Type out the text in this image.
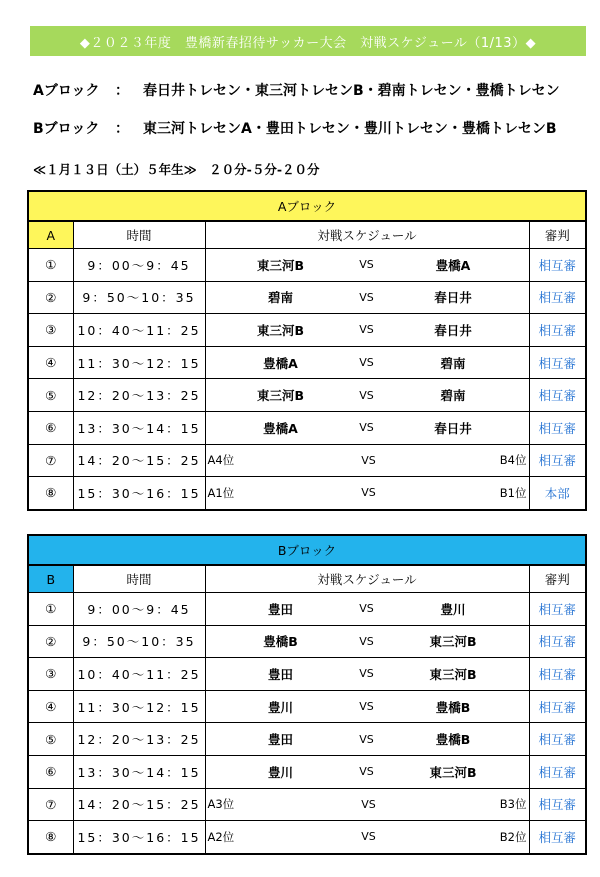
◆２０２３年度　豊橋新春招待サッカー大会　対戦スケジュール（1/13）◆
Aブロック ： 春日井トレセン・東三河トレセンB・碧南トレセン・豊橋トレセン
Bブロック ： 東三河トレセンA・豊田トレセン・豊川トレセン・豊橋トレセンB
≪１月１３日（土）５年生≫　２０分-５分-２０分
Aブロック			
A	時間	対戦スケジュール	審判
①	9：00～9：45	東三河B VS 豊橋A	相互審
②	9：50～10：35	碧南 VS 春日井	相互審
③	10：40～11：25	東三河B VS 春日井	相互審
④	11：30～12：15	豊橋A VS 碧南	相互審
⑤	12：20～13：25	東三河B VS 碧南	相互審
⑥	13：30～14：15	豊橋A VS 春日井	相互審
⑦	14：20～15：25	A4位 VS B4位	相互審
⑧	15：30～16：15	A1位 VS B1位	本部
Bブロック			
B	時間	対戦スケジュール	審判
①	9：00～9：45	豊田 VS 豊川	相互審
②	9：50～10：35	豊橋B VS 東三河B	相互審
③	10：40～11：25	豊田 VS 東三河B	相互審
④	11：30～12：15	豊川 VS 豊橋B	相互審
⑤	12：20～13：25	豊田 VS 豊橋B	相互審
⑥	13：30～14：15	豊川 VS 東三河B	相互審
⑦	14：20～15：25	A3位 VS B3位	相互審
⑧	15：30～16：15	A2位 VS B2位	相互審
